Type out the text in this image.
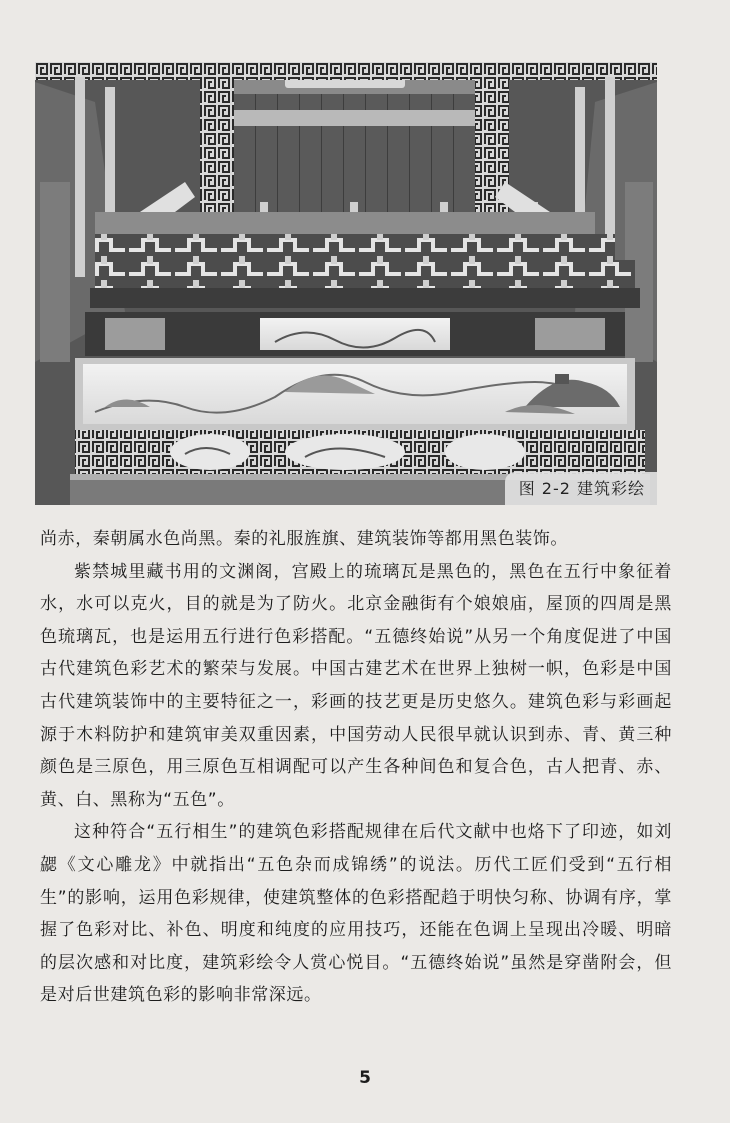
图 2-2 建筑彩绘

尚赤，秦朝属水色尚黑。秦的礼服旌旗、建筑装饰等都用黑色装饰。

紫禁城里藏书用的文渊阁，宫殿上的琉璃瓦是黑色的，黑色在五行中象征着水，水可以克火，目的就是为了防火。北京金融街有个娘娘庙，屋顶的四周是黑色琉璃瓦，也是运用五行进行色彩搭配。“五德终始说”从另一个角度促进了中国古代建筑色彩艺术的繁荣与发展。中国古建艺术在世界上独树一帜，色彩是中国古代建筑装饰中的主要特征之一，彩画的技艺更是历史悠久。建筑色彩与彩画起源于木料防护和建筑审美双重因素，中国劳动人民很早就认识到赤、青、黄三种颜色是三原色，用三原色互相调配可以产生各种间色和复合色，古人把青、赤、黄、白、黑称为“五色”。

这种符合“五行相生”的建筑色彩搭配规律在后代文献中也烙下了印迹，如刘勰《文心雕龙》中就指出“五色杂而成锦绣”的说法。历代工匠们受到“五行相生”的影响，运用色彩规律，使建筑整体的色彩搭配趋于明快匀称、协调有序，掌握了色彩对比、补色、明度和纯度的应用技巧，还能在色调上呈现出冷暖、明暗的层次感和对比度，建筑彩绘令人赏心悦目。“五德终始说”虽然是穿凿附会，但是对后世建筑色彩的影响非常深远。

5
